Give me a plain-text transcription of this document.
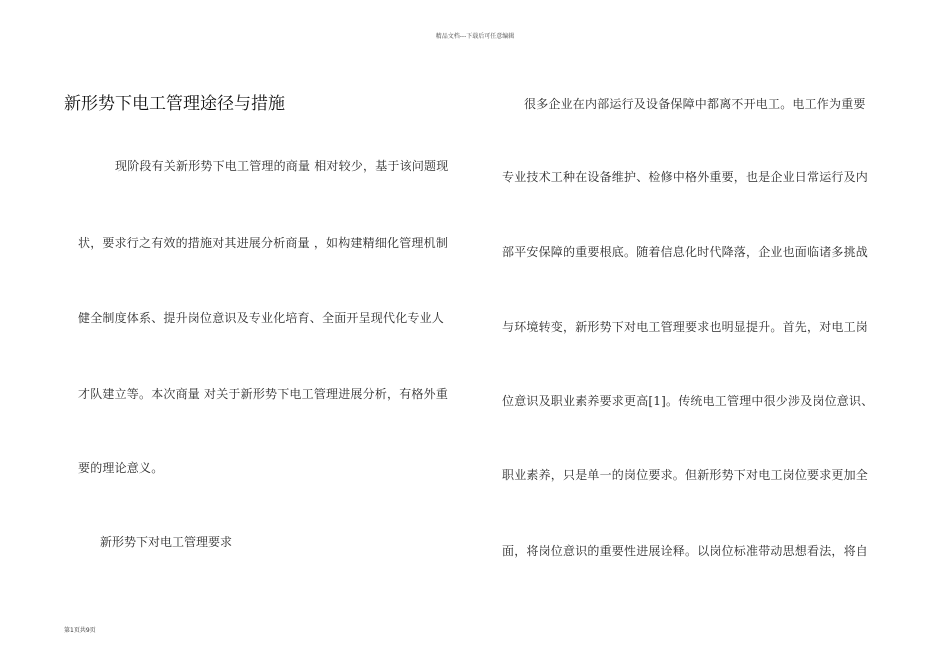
精品文档---下载后可任意编辑
新形势下电工管理途径与措施
现阶段有关新形势下电工管理的商量 相对较少，基于该问题现
状，要求行之有效的措施对其进展分析商量 ，如构建精细化管理机制
健全制度体系、提升岗位意识及专业化培育、全面开呈现代化专业人
才队建立等。本次商量 对关于新形势下电工管理进展分析，有格外重
要的理论意义。
新形势下对电工管理要求
很多企业在内部运行及设备保障中都离不开电工。电工作为重要
专业技术工种在设备维护、检修中格外重要，也是企业日常运行及内
部平安保障的重要根底。随着信息化时代降落，企业也面临诸多挑战
与环境转变，新形势下对电工管理要求也明显提升。首先，对电工岗
位意识及职业素养要求更高[1]。传统电工管理中很少涉及岗位意识、
职业素养，只是单一的岗位要求。但新形势下对电工岗位要求更加全
面，将岗位意识的重要性进展诠释。以岗位标准带动思想看法，将自
第1页共9页
